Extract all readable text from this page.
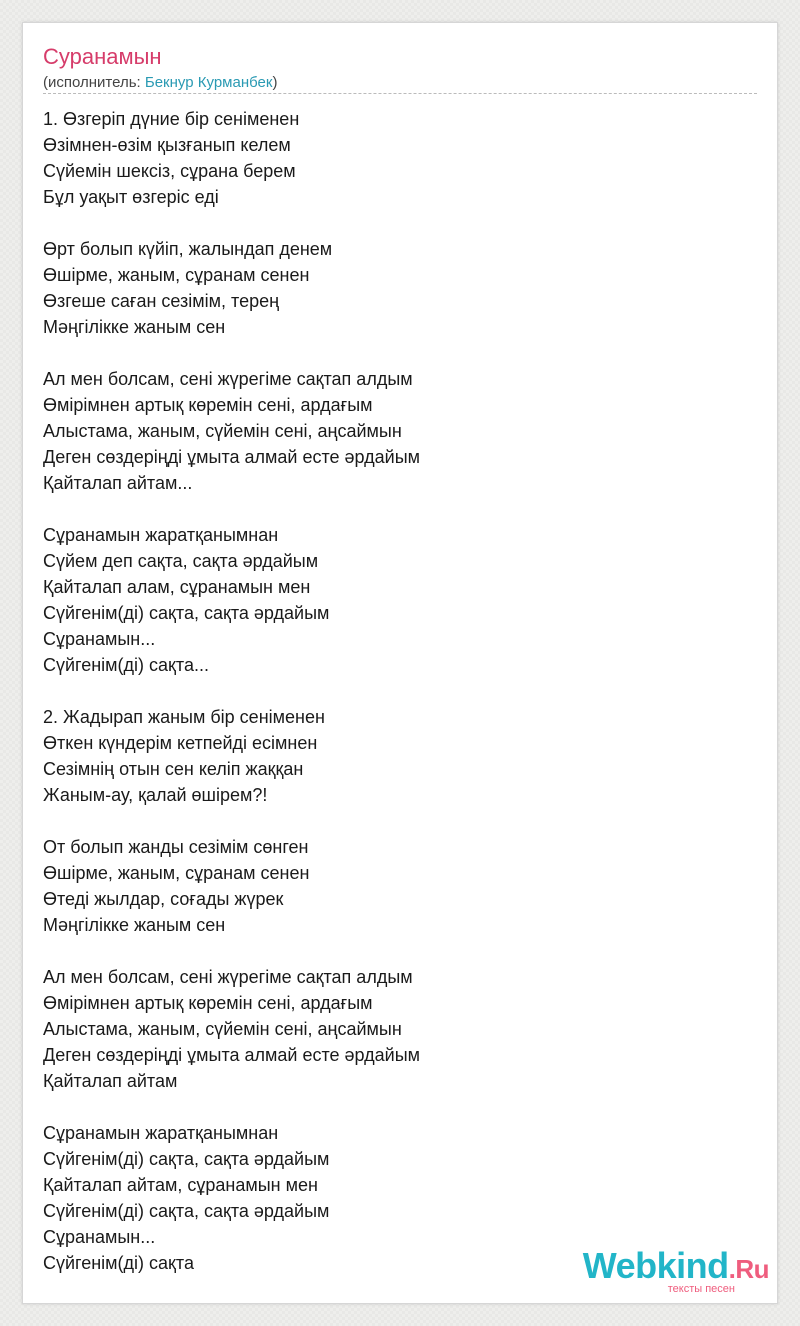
Суранамын
(исполнитель: Бекнур Курманбек)
1. Өзгеріп дүние бір сеніменен
Өзімнен-өзім қызғанып келем
Сүйемін шексіз, сұрана берем
Бұл уақыт өзгеріс еді
Өрт болып күйіп, жалындап денем
Өшірме, жаным, сұранам сенен
Өзгеше саған сезімім, терең
Мәңгілікке жаным сен
Ал мен болсам, сені жүрегіме сақтап алдым
Өмірімнен артық көремін сені, ардағым
Алыстама, жаным, сүйемін сені, аңсаймын
Деген сөздеріңді ұмыта алмай есте әрдайым
Қайталап айтам...
Сұранамын жаратқанымнан
Сүйем деп сақта, сақта әрдайым
Қайталап алам, сұранамын мен
Сүйгенім(ді) сақта, сақта әрдайым
Сұранамын...
Сүйгенім(ді) сақта...
2. Жадырап жаным бір сеніменен
Өткен күндерім кетпейді есімнен
Сезімнің отын сен келіп жаққан
Жаным-ау, қалай өшірем?!
От болып жанды сезімім сөнген
Өшірме, жаным, сұранам сенен
Өтеді жылдар, соғады жүрек
Мәңгілікке жаным сен
Ал мен болсам, сені жүрегіме сақтап алдым
Өмірімнен артық көремін сені, ардағым
Алыстама, жаным, сүйемін сені, аңсаймын
Деген сөздеріңді ұмыта алмай есте әрдайым
Қайталап айтам
Сұранамын жаратқанымнан
Сүйгенім(ді) сақта, сақта әрдайым
Қайталап айтам, сұранамын мен
Сүйгенім(ді) сақта, сақта әрдайым
Сұранамын...
Сүйгенім(ді) сақта	Webkind.Ru
тексты песен
